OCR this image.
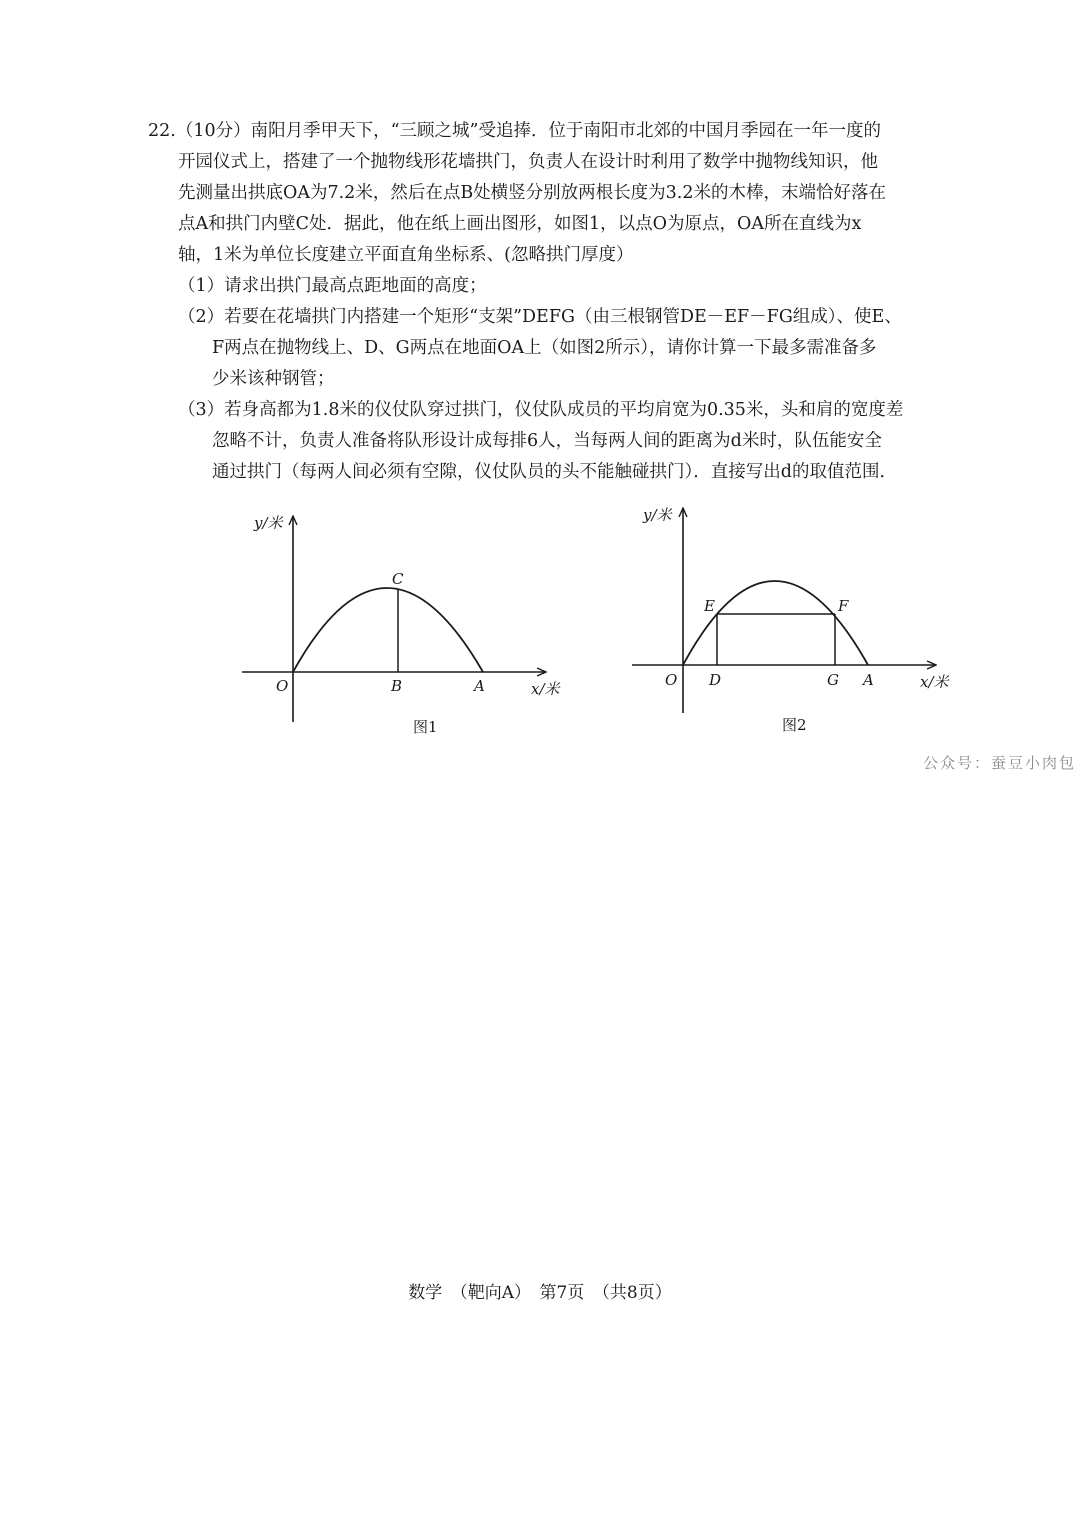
22.（10分）南阳月季甲天下，“三顾之城”受追捧．位于南阳市北郊的中国月季园在一年一度的
开园仪式上，搭建了一个抛物线形花墙拱门，负责人在设计时利用了数学中抛物线知识，他
先测量出拱底OA为7.2米，然后在点B处横竖分别放两根长度为3.2米的木棒，末端恰好落在
点A和拱门内壁C处．据此，他在纸上画出图形，如图1，以点O为原点，OA所在直线为x
轴，1米为单位长度建立平面直角坐标系、(忽略拱门厚度）
（1）请求出拱门最高点距地面的高度；
（2）若要在花墙拱门内搭建一个矩形“支架”DEFG（由三根钢管DE－EF－FG组成）、使E、
F两点在抛物线上、D、G两点在地面OA上（如图2所示），请你计算一下最多需准备多
少米该种钢管；
（3）若身高都为1.8米的仪仗队穿过拱门，仪仗队成员的平均肩宽为0.35米，头和肩的宽度差
忽略不计，负责人准备将队形设计成每排6人，当每两人间的距离为d米时，队伍能安全
通过拱门（每两人间必须有空隙，仪仗队员的头不能触碰拱门）．直接写出d的取值范围．
y/米
x/米
O	B	A
C
y/米
x/米
O D	G A
E	F
图1	图2
公众号：蚕豆小肉包
数学　（靶向A）　第7页　（共8页）
